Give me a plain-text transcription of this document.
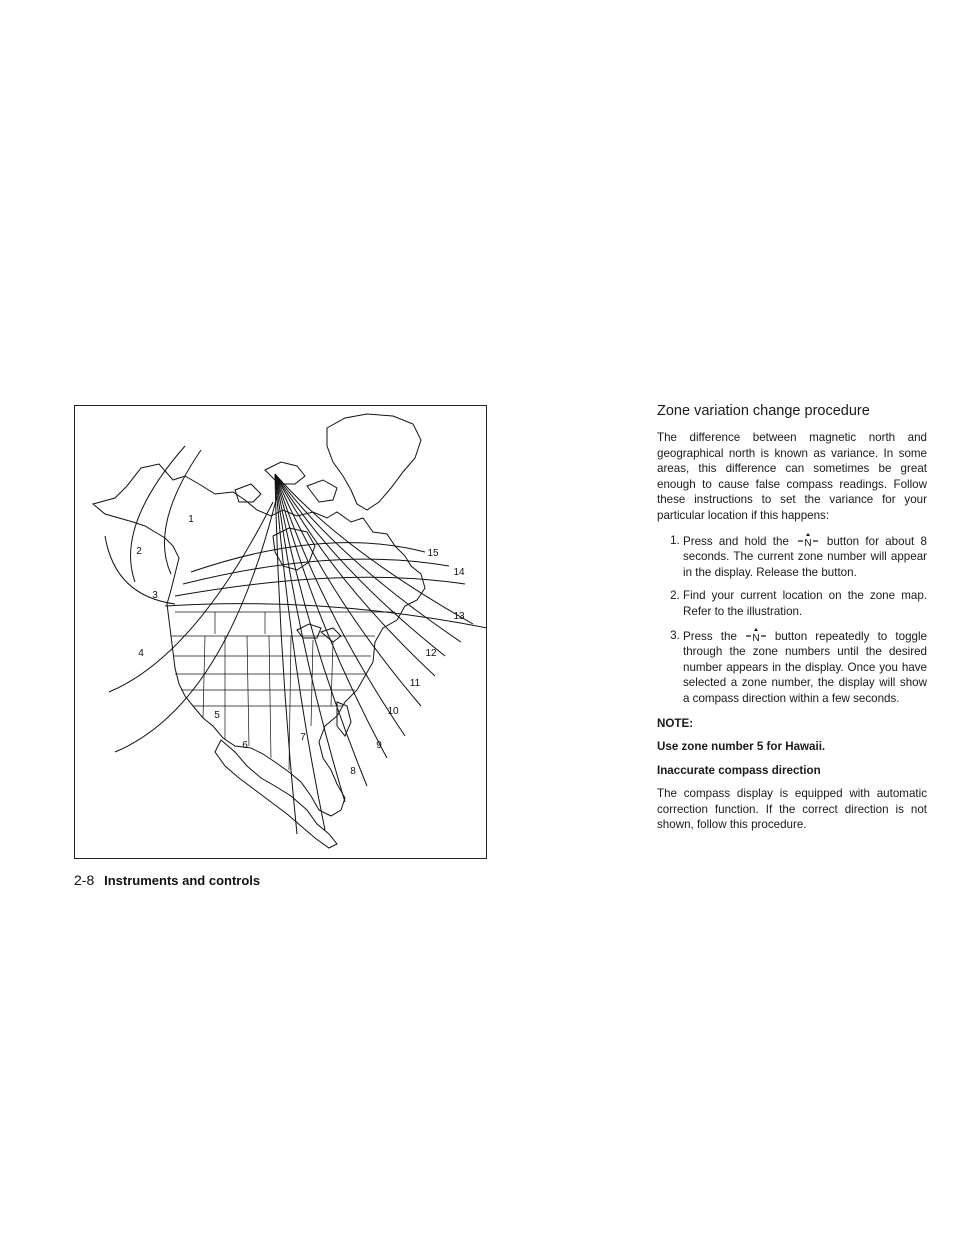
1
2
3
4
5
6
7
8
9
10
11
12
13
14
15
2-8 Instruments and controls
Zone variation change procedure

The difference between magnetic north and geographical north is known as variance. In some areas, this difference can sometimes be great enough to cause false compass readings. Follow these instructions to set the variance for your particular location if this happens:

1. Press and hold the N button for about 8 seconds. The current zone number will appear in the display. Release the button.
2. Find your current location on the zone map. Refer to the illustration.
3. Press the N button repeatedly to toggle through the zone numbers until the desired number appears in the display. Once you have selected a zone number, the display will show a compass direction within a few seconds.

NOTE:

Use zone number 5 for Hawaii.

Inaccurate compass direction

The compass display is equipped with automatic correction function. If the correct direction is not shown, follow this procedure.
